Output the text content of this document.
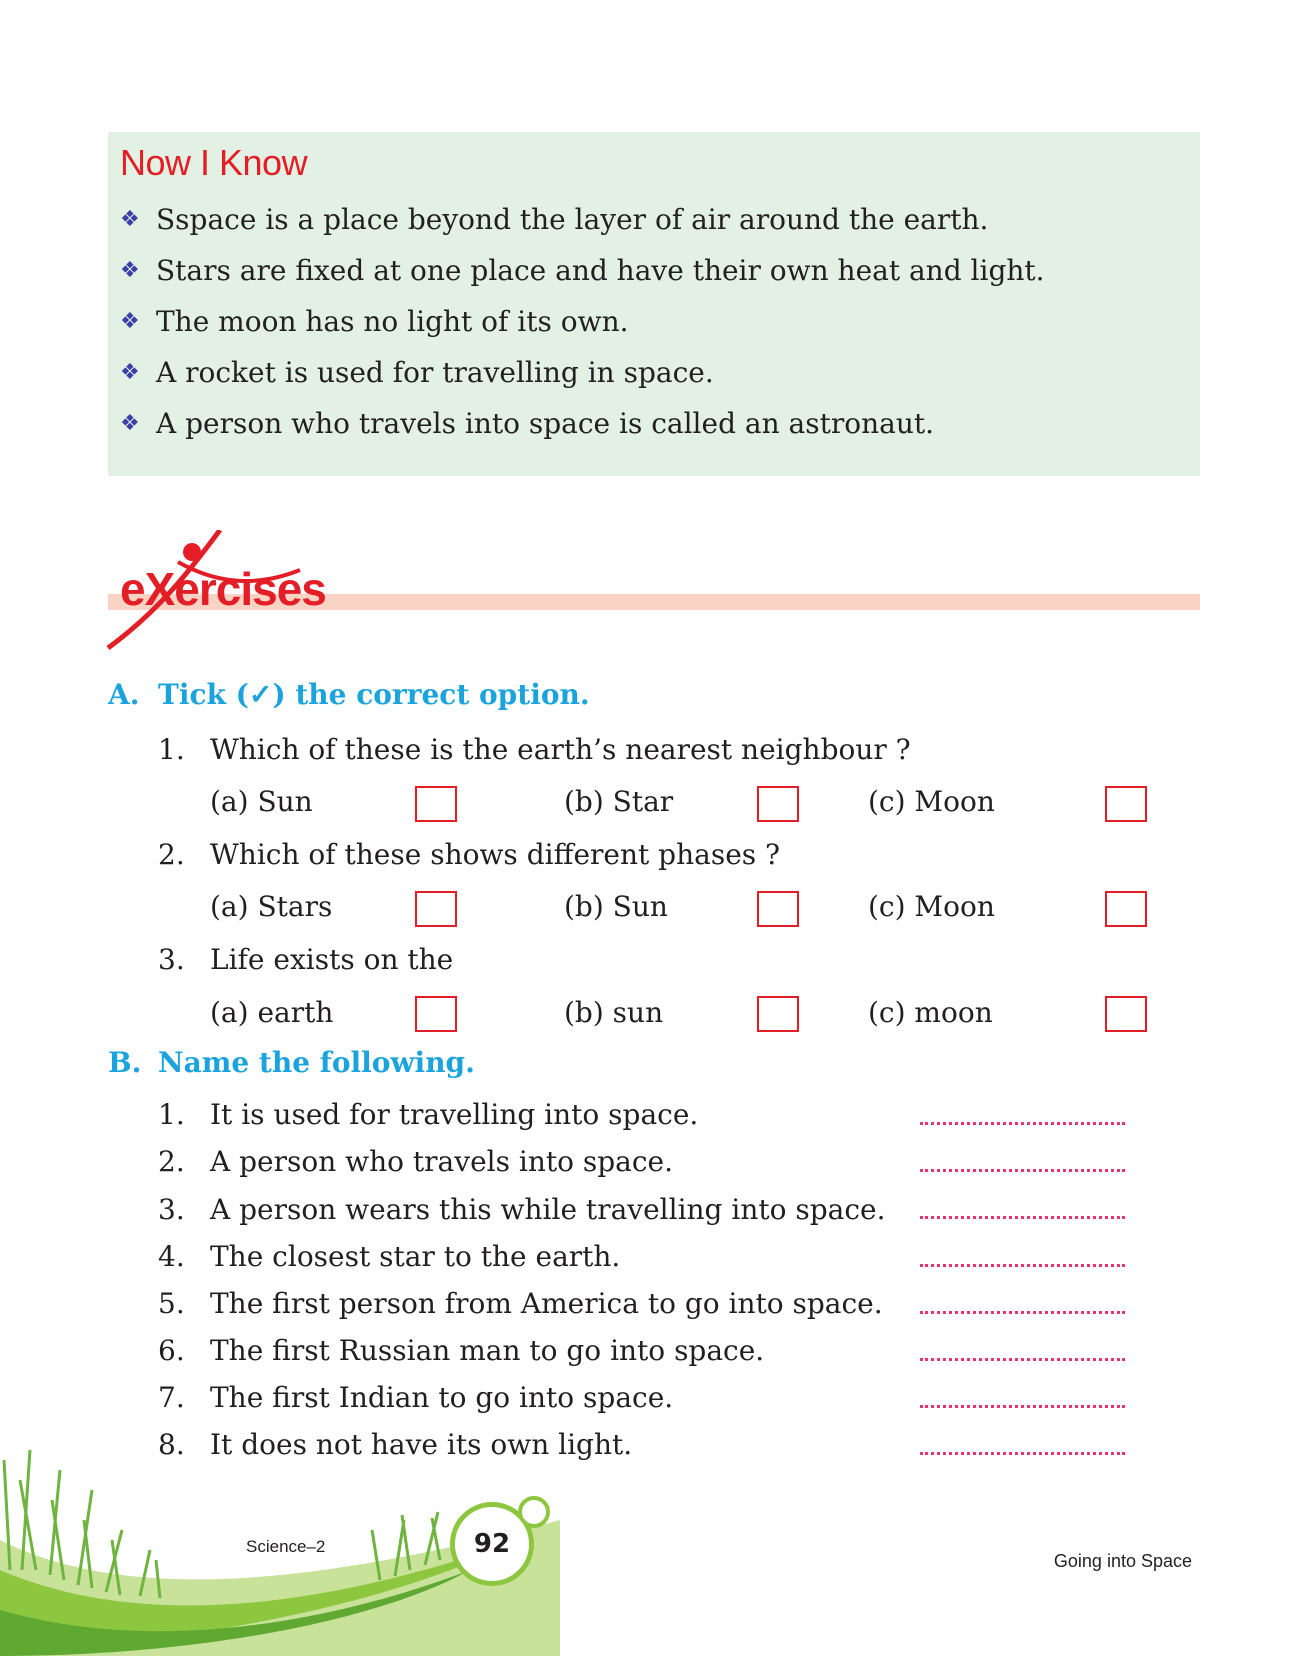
Now I Know
❖ Sspace is a place beyond the layer of air around the earth.
❖ Stars are fixed at one place and have their own heat and light.
❖ The moon has no light of its own.
❖ A rocket is used for travelling in space.
❖ A person who travels into space is called an astronaut.
eXercises
A. Tick (✓) the correct option.
1. Which of these is the earth’s nearest neighbour ?
(a) Sun	(b) Star	(c) Moon
2. Which of these shows different phases ?
(a) Stars	(b) Sun	(c) Moon
3. Life exists on the
(a) earth	(b) sun	(c) moon
B. Name the following.
1. It is used for travelling into space.
2. A person who travels into space.
3. A person wears this while travelling into space.
4. The closest star to the earth.
5. The first person from America to go into space.
6. The first Russian man to go into space.
7. The first Indian to go into space.
8. It does not have its own light.
Science–2	92
Going into Space
